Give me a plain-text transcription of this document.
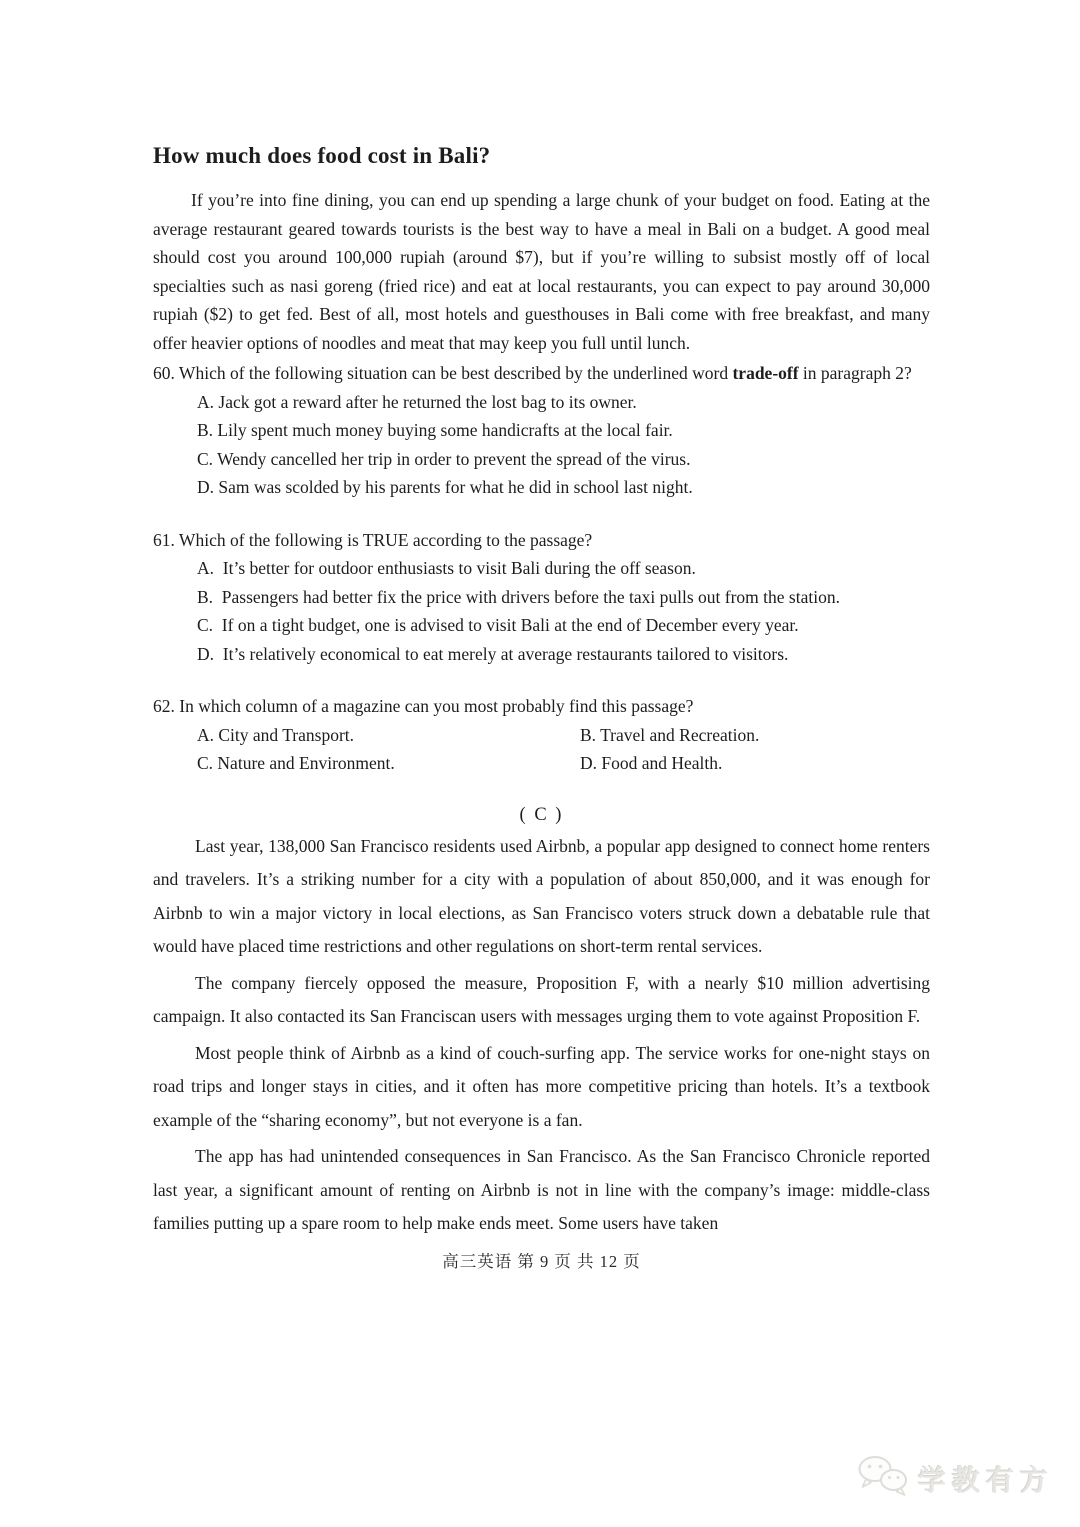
How much does food cost in Bali?

If you’re into fine dining, you can end up spending a large chunk of your budget on food. Eating at the average restaurant geared towards tourists is the best way to have a meal in Bali on a budget. A good meal should cost you around 100,000 rupiah (around $7), but if you’re willing to subsist mostly off of local specialties such as nasi goreng (fried rice) and eat at local restaurants, you can expect to pay around 30,000 rupiah ($2) to get fed. Best of all, most hotels and guesthouses in Bali come with free breakfast, and many offer heavier options of noodles and meat that may keep you full until lunch.

60. Which of the following situation can be best described by the underlined word trade-off in paragraph 2?

A. Jack got a reward after he returned the lost bag to its owner.

B. Lily spent much money buying some handicrafts at the local fair.

C. Wendy cancelled her trip in order to prevent the spread of the virus.

D. Sam was scolded by his parents for what he did in school last night.

61. Which of the following is TRUE according to the passage?

A.  It’s better for outdoor enthusiasts to visit Bali during the off season.

B.  Passengers had better fix the price with drivers before the taxi pulls out from the station.

C.  If on a tight budget, one is advised to visit Bali at the end of December every year.

D.  It’s relatively economical to eat merely at average restaurants tailored to visitors.

62. In which column of a magazine can you most probably find this passage?

A. City and Transport.	B. Travel and Recreation.

C. Nature and Environment.	D. Food and Health.

( C )

Last year, 138,000 San Francisco residents used Airbnb, a popular app designed to connect home renters and travelers. It’s a striking number for a city with a population of about 850,000, and it was enough for Airbnb to win a major victory in local elections, as San Francisco voters struck down a debatable rule that would have placed time restrictions and other regulations on short-term rental services.

The company fiercely opposed the measure, Proposition F, with a nearly $10 million advertising campaign. It also contacted its San Franciscan users with messages urging them to vote against Proposition F.

Most people think of Airbnb as a kind of couch-surfing app. The service works for one-night stays on road trips and longer stays in cities, and it often has more competitive pricing than hotels. It’s a textbook example of the “sharing economy”, but not everyone is a fan.

The app has had unintended consequences in San Francisco. As the San Francisco Chronicle reported last year, a significant amount of renting on Airbnb is not in line with the company’s image: middle-class families putting up a spare room to help make ends meet. Some users have taken

高三英语 第 9 页 共 12 页

学教有方
